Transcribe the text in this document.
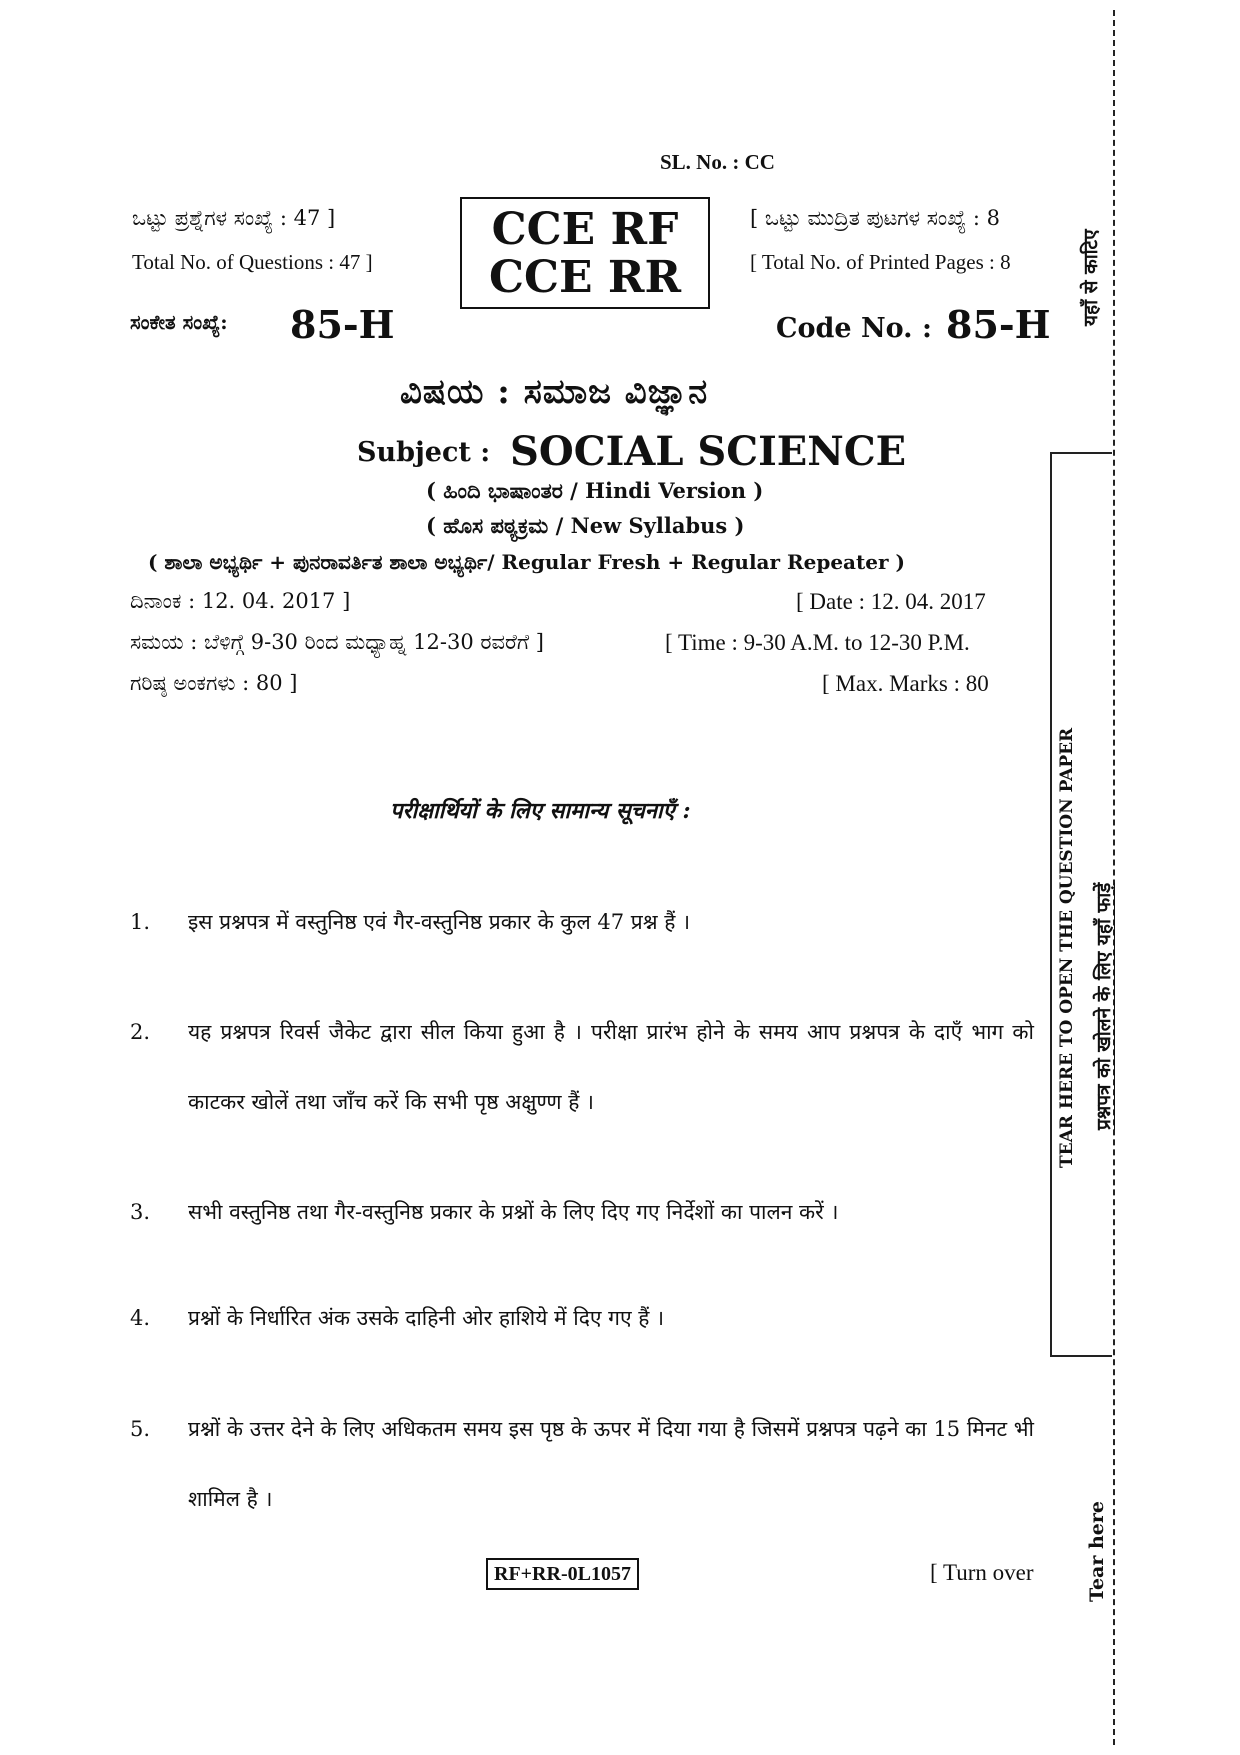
SL. No. : CC
ಒಟ್ಟು ಪ್ರಶ್ನೆಗಳ ಸಂಖ್ಯೆ : 47 ]
Total No. of Questions : 47 ]
[ ಒಟ್ಟು ಮುದ್ರಿತ ಪುಟಗಳ ಸಂಖ್ಯೆ : 8
[ Total No. of Printed Pages : 8
CCE RF
CCE RR
ಸಂಕೇತ ಸಂಖ್ಯೆ: 85-H	Code No. : 85-H
ವಿಷಯ : ಸಮಾಜ ವಿಜ್ಞಾನ
Subject : SOCIAL SCIENCE
( ಹಿಂದಿ ಭಾಷಾಂತರ / Hindi Version )
( ಹೊಸ ಪಠ್ಯಕ್ರಮ / New Syllabus )
( ಶಾಲಾ ಅಭ್ಯರ್ಥಿ + ಪುನರಾವರ್ತಿತ ಶಾಲಾ ಅಭ್ಯರ್ಥಿ/ Regular Fresh + Regular Repeater )
ದಿನಾಂಕ : 12. 04. 2017 ]	[ Date : 12. 04. 2017
ಸಮಯ : ಬೆಳಿಗ್ಗೆ 9-30 ರಿಂದ ಮಧ್ಯಾಹ್ನ 12-30 ರವರೆಗೆ ]	[ Time : 9-30 A.M. to 12-30 P.M.
ಗರಿಷ್ಠ ಅಂಕಗಳು : 80 ]	[ Max. Marks : 80
परीक्षार्थियों के लिए सामान्य सूचनाएँ :
1. इस प्रश्नपत्र में वस्तुनिष्ठ एवं गैर-वस्तुनिष्ठ प्रकार के कुल 47 प्रश्न हैं ।
2. यह प्रश्नपत्र रिवर्स जैकेट द्वारा सील किया हुआ है । परीक्षा प्रारंभ होने के समय आप प्रश्नपत्र के दाएँ भाग को काटकर खोलें तथा जाँच करें कि सभी पृष्ठ अक्षुण्ण हैं ।
3. सभी वस्तुनिष्ठ तथा गैर-वस्तुनिष्ठ प्रकार के प्रश्नों के लिए दिए गए निर्देशों का पालन करें ।
4. प्रश्नों के निर्धारित अंक उसके दाहिनी ओर हाशिये में दिए गए हैं ।
5. प्रश्नों के उत्तर देने के लिए अधिकतम समय इस पृष्ठ के ऊपर में दिया गया है जिसमें प्रश्नपत्र पढ़ने का 15 मिनट भी शामिल है ।
RF+RR-0L1057	[ Turn over
यहाँ से काटिए
TEAR HERE TO OPEN THE QUESTION PAPER प्रश्नपत्र को खोलने के लिए यहाँ फाड़ें
Tear here
